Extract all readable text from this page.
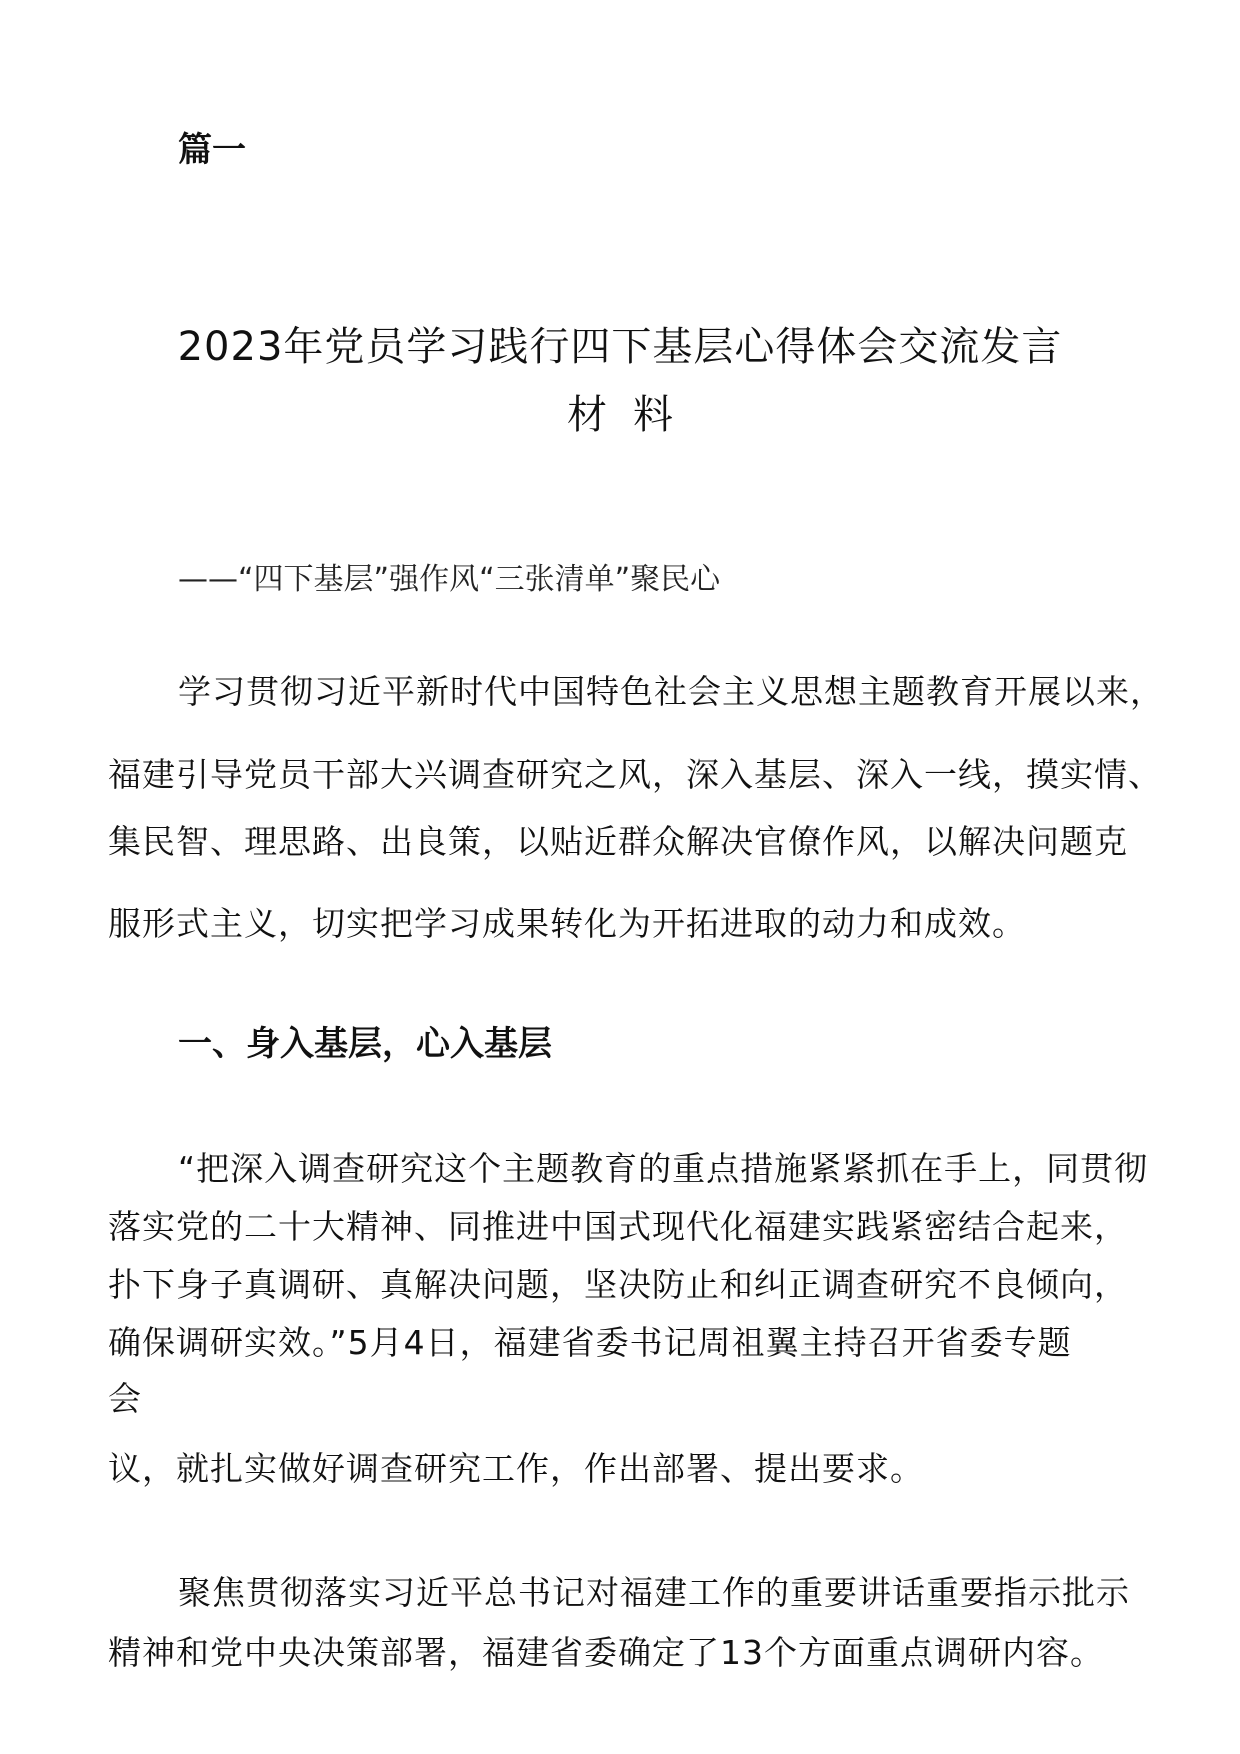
篇一
2023年党员学习践行四下基层心得体会交流发言
材料
——“四下基层”强作风“三张清单”聚民心
学习贯彻习近平新时代中国特色社会主义思想主题教育开展以来，
福建引导党员干部大兴调查研究之风，深入基层、深入一线，摸实情、
集民智、理思路、出良策，以贴近群众解决官僚作风，以解决问题克
服形式主义，切实把学习成果转化为开拓进取的动力和成效。
一、身入基层，心入基层
“把深入调查研究这个主题教育的重点措施紧紧抓在手上，同贯彻
落实党的二十大精神、同推进中国式现代化福建实践紧密结合起来，
扑下身子真调研、真解决问题，坚决防止和纠正调查研究不良倾向，
确保调研实效。”5月4日，福建省委书记周祖翼主持召开省委专题
会
议，就扎实做好调查研究工作，作出部署、提出要求。
聚焦贯彻落实习近平总书记对福建工作的重要讲话重要指示批示
精神和党中央决策部署，福建省委确定了13个方面重点调研内容。
